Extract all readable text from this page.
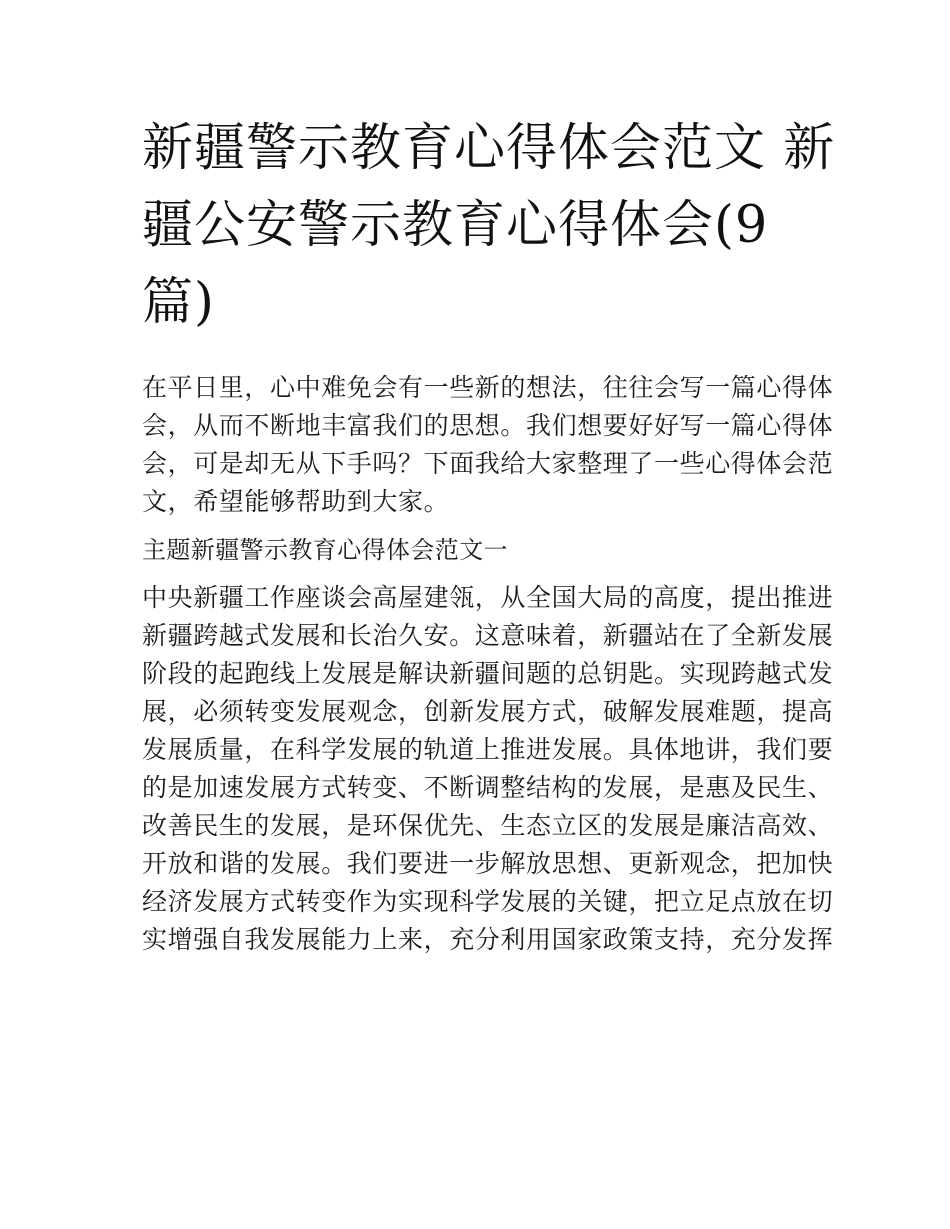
新疆警示教育心得体会范文 新
疆公安警示教育心得体会(9
篇)
在平日里，心中难免会有一些新的想法，往往会写一篇心得体
会，从而不断地丰富我们的思想。我们想要好好写一篇心得体
会，可是却无从下手吗？下面我给大家整理了一些心得体会范
文，希望能够帮助到大家。
主题新疆警示教育心得体会范文一
中央新疆工作座谈会高屋建瓴，从全国大局的高度，提出推进
新疆跨越式发展和长治久安。这意味着，新疆站在了全新发展
阶段的起跑线上发展是解诀新疆间题的总钥匙。实现跨越式发
展，必须转变发展观念，创新发展方式，破解发展难题，提高
发展质量，在科学发展的轨道上推进发展。具体地讲，我们要
的是加速发展方式转变、不断调整结构的发展，是惠及民生、
改善民生的发展，是环保优先、生态立区的发展是廉洁高效、
开放和谐的发展。我们要进一步解放思想、更新观念，把加快
经济发展方式转变作为实现科学发展的关键，把立足点放在切
实增强自我发展能力上来，充分利用国家政策支持，充分发挥
